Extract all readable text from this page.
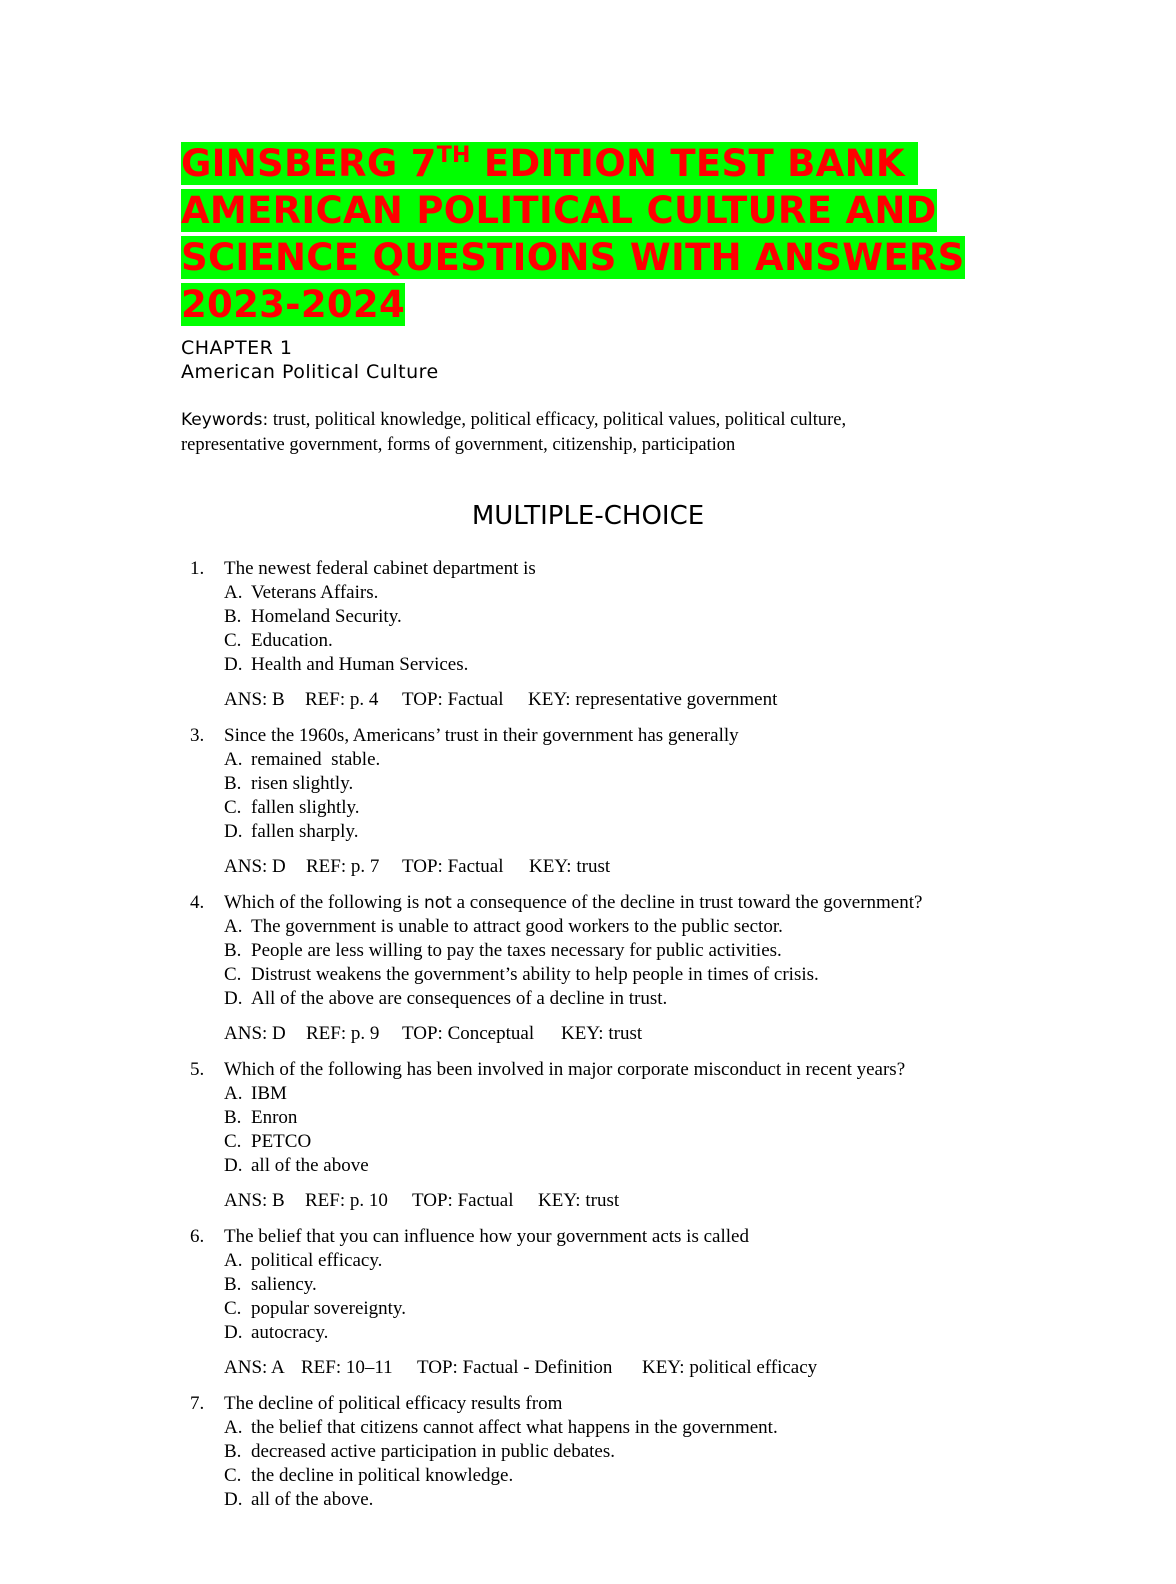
GINSBERG 7TH EDITION TEST BANK
AMERICAN POLITICAL CULTURE AND
SCIENCE QUESTIONS WITH ANSWERS
2023-2024
CHAPTER 1
American Political Culture
Keywords: trust, political knowledge, political efficacy, political values, political culture,
representative government, forms of government, citizenship, participation
MULTIPLE-CHOICE
1. The newest federal cabinet department is
A. Veterans Affairs.
B. Homeland Security.
C. Education.
D. Health and Human Services.
ANS: B REF: p. 4 TOP: Factual KEY: representative government
3. Since the 1960s, Americans’ trust in their government has generally
A. remained  stable.
B. risen slightly.
C. fallen slightly.
D. fallen sharply.
ANS: D REF: p. 7 TOP: Factual KEY: trust
4. Which of the following is not a consequence of the decline in trust toward the government?
A. The government is unable to attract good workers to the public sector.
B. People are less willing to pay the taxes necessary for public activities.
C. Distrust weakens the government’s ability to help people in times of crisis.
D. All of the above are consequences of a decline in trust.
ANS: D REF: p. 9 TOP: Conceptual KEY: trust
5. Which of the following has been involved in major corporate misconduct in recent years?
A. IBM
B. Enron
C. PETCO
D. all of the above
ANS: B REF: p. 10 TOP: Factual KEY: trust
6. The belief that you can influence how your government acts is called
A. political efficacy.
B. saliency.
C. popular sovereignty.
D. autocracy.
ANS: A REF: 10–11 TOP: Factual - Definition KEY: political efficacy
7. The decline of political efficacy results from
A. the belief that citizens cannot affect what happens in the government.
B. decreased active participation in public debates.
C. the decline in political knowledge.
D. all of the above.
